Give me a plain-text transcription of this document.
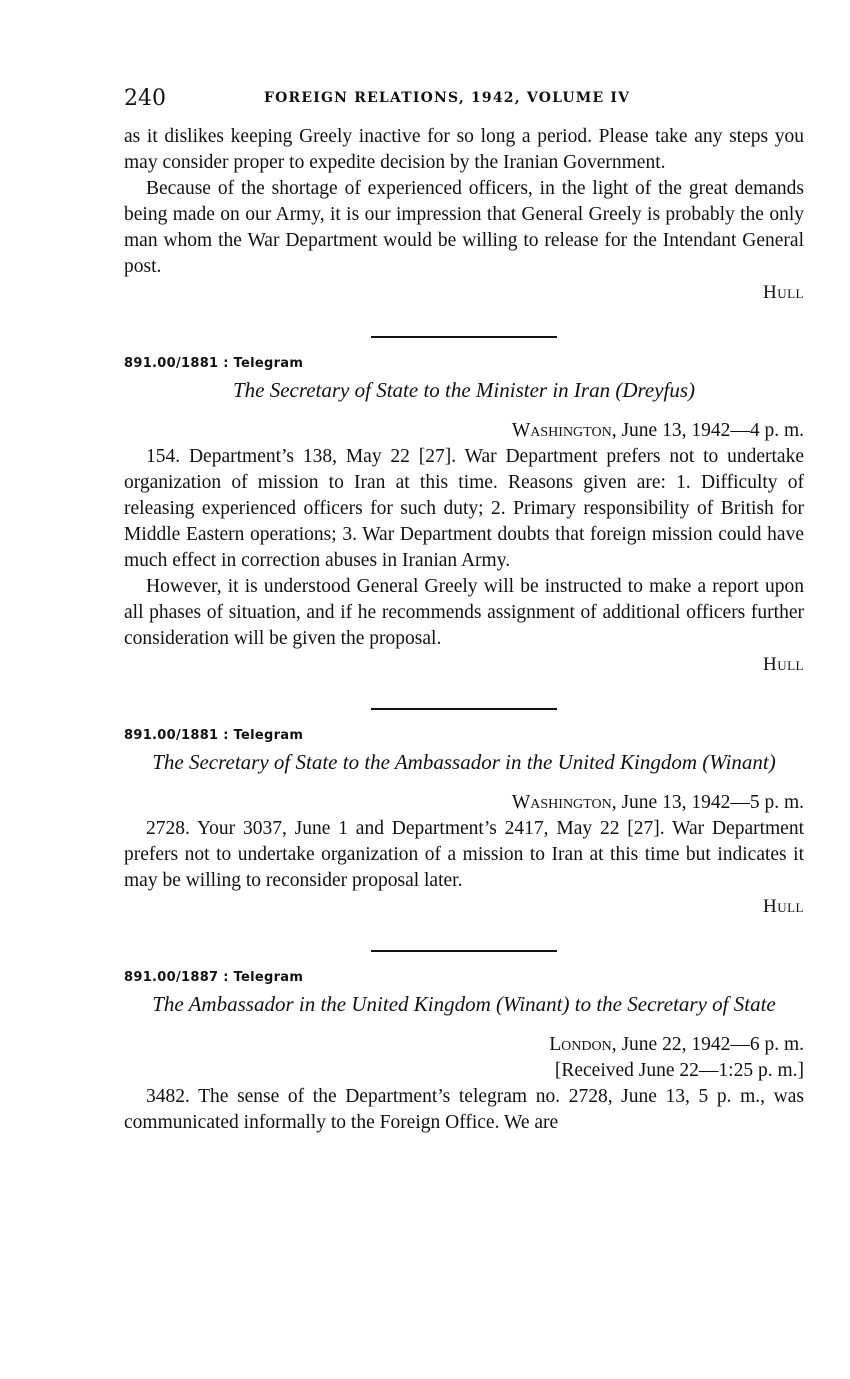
240	FOREIGN RELATIONS, 1942, VOLUME IV

as it dislikes keeping Greely inactive for so long a period. Please take any steps you may consider proper to expedite decision by the Iranian Government.

Because of the shortage of experienced officers, in the light of the great demands being made on our Army, it is our impression that General Greely is probably the only man whom the War Department would be willing to release for the Intendant General post.

Hull
891.00/1881 : Telegram
The Secretary of State to the Minister in Iran (Dreyfus)
Washington, June 13, 1942—4 p. m.

154. Department’s 138, May 22 [27]. War Department prefers not to undertake organization of mission to Iran at this time. Reasons given are: 1. Difficulty of releasing experienced officers for such duty; 2. Primary responsibility of British for Middle Eastern operations; 3. War Department doubts that foreign mission could have much effect in correction abuses in Iranian Army.

However, it is understood General Greely will be instructed to make a report upon all phases of situation, and if he recommends assignment of additional officers further consideration will be given the proposal.

Hull
891.00/1881 : Telegram
The Secretary of State to the Ambassador in the United Kingdom (Winant)
Washington, June 13, 1942—5 p. m.

2728. Your 3037, June 1 and Department’s 2417, May 22 [27]. War Department prefers not to undertake organization of a mission to Iran at this time but indicates it may be willing to reconsider proposal later.

Hull
891.00/1887 : Telegram
The Ambassador in the United Kingdom (Winant) to the Secretary of State
London, June 22, 1942—6 p. m.
[Received June 22—1:25 p. m.]

3482. The sense of the Department’s telegram no. 2728, June 13, 5 p. m., was communicated informally to the Foreign Office. We are
